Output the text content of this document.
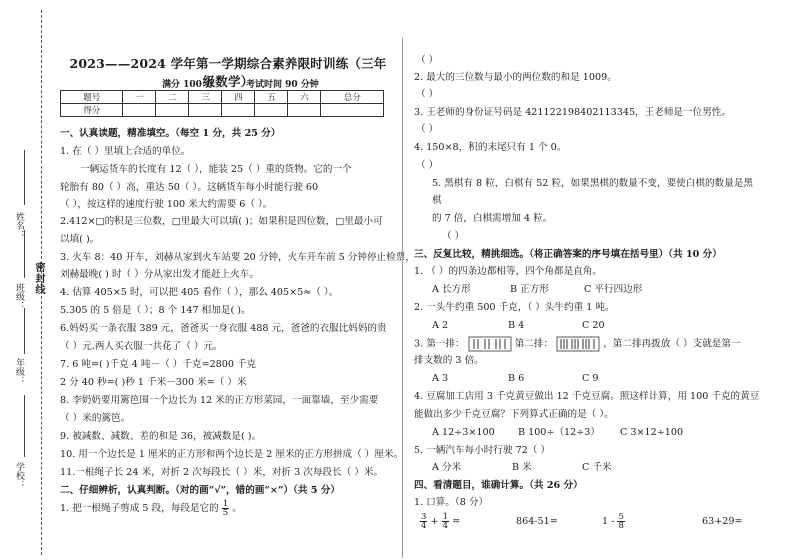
姓名：
班级：
密封线
年级：
学校：
2023——2024 学年第一学期综合素养限时训练（三年级数学）
满分 100 分	考试时间 90 分钟
题号	一	二	三	四	五	六	总分
得分							
一、认真读题，精准填空。（每空 1 分，共 25 分）
1. 在（ ）里填上合适的单位。
一辆运货车的长度有 12（ ），能装 25（ ）重的货物。它的一个
轮胎有 80（ ）高，重达 50（ ）。这辆货车每小时能行驶 60
（ ），按这样的速度行驶 100 米大约需要 6（ ）。
2.412×□的积是三位数，□里最大可以填( )；如果积是四位数，□里最小可
以填( )。
3. 火车 8：40 开车，刘赫从家到火车站要 20 分钟，火车开车前 5 分钟停止检票，
刘赫最晚( ) 时（ ）分从家出发才能赶上火车。
4. 估算 405×5 时，可以把 405 看作（ ），那么 405×5≈（ ）。
5.305 的 5 倍是（ ）；8 个 147 相加是( )。
6.妈妈买一条衣服 389 元，爸爸买一身衣服 488 元，爸爸的衣服比妈妈的贵
（ ）元.两人买衣服一共花了（ ）元。
7. 6 吨=( )千克 4 吨－（ ）千克=2800 千克
2 分 40 秒=( )秒 1 千米－300 米=（ ）米
8. 李奶奶要用篱笆围一个边长为 12 米的正方形菜园，一面靠墙，至少需要
（ ）米的篱笆。
9. 被减数、减数、差的和是 36，被减数是( )。
10. 用一个边长是 1 厘米的正方形和两个边长是 2 厘米的正方形拼成（ ）厘米。
11.一根绳子长 24 米，对折 2 次每段长（ ）米，对折 3 次每段长（ ）米。
二、仔细辨析，认真判断。（对的画“√”，错的画“×”）（共 5 分）
1. 把一根绳子剪成 5 段，每段是它的 $\frac{1}{5}$ 。
（ ）
2. 最大的三位数与最小的两位数的和是 1009。
（ ）
3. 王老师的身份证号码是 421122198402113345，王老师是一位男性。
（ ）
4. 150×8，积的末尾只有 1 个 0。
（ ）
5. 黑棋有 8 粒，白棋有 52 粒，如果黑棋的数量不变，要使白棋的数量是黑
棋
的 7 倍，白棋需增加 4 粒。
（ ）
三、反复比较，精挑细选。（将正确答案的序号填在括号里）（共 10 分）
1. （ ）的四条边都相等，四个角都是直角。
A 长方形	B 正方形	C 平行四边形
2. 一头牛约重 500 千克，（ ）头牛约重 1 吨。
A 2	B 4	C 20
3. 第一排：	第二排：	，第二排再拨放（ ）支就是第一
排支数的 3 倍。
A 3	B 6	C 9
4. 豆腐加工店用 3 千克黄豆做出 12 千克豆腐。照这样计算，用 100 千克的黄豆
能做出多少千克豆腐？下列算式正确的是（ ）。
A 12÷3×100 B 100÷（12÷3） C 3×12÷100
5. 一辆汽车每小时行驶 72（ ）
A 分米	B 米	C 千米
四、看清题目，谁确计算。（共 26 分）
1. 口算。（8 分）
$\frac{3}{4} + \frac{1}{4}$ =	864-51=	$1 - \frac{5}{8}$	63+29=
